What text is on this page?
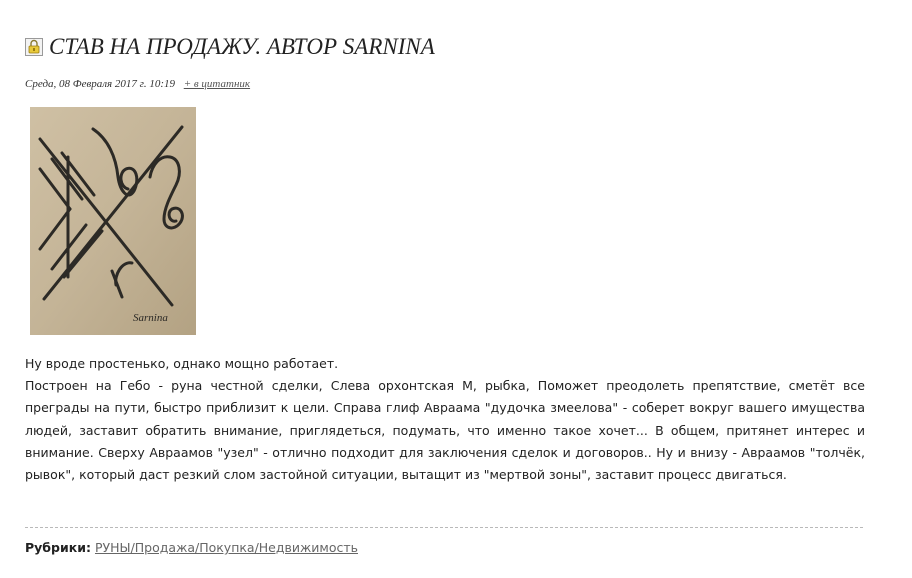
СТАВ НА ПРОДАЖУ. АВТОР SARNINA
Среда, 08 Февраля 2017 г. 10:19 + в цитатник
Sarnina

Ну вроде простенько, однако мощно работает.

Построен на Гебо - руна честной сделки, Слева орхонтская М, рыбка, Поможет преодолеть препятствие, сметёт все преграды на пути, быстро приблизит к цели. Справа глиф Авраама "дудочка змеелова" - соберет вокруг вашего имущества людей, заставит обратить внимание, приглядеться, подумать, что именно такое хочет... В общем, притянет интерес и внимание. Сверху Авраамов "узел" - отлично подходит для заключения сделок и договоров.. Ну и внизу - Авраамов "толчёк, рывок", который даст резкий слом застойной ситуации, вытащит из "мертвой зоны", заставит процесс двигаться.

Рубрики: РУНЫ/Продажа/Покупка/Недвижимость
